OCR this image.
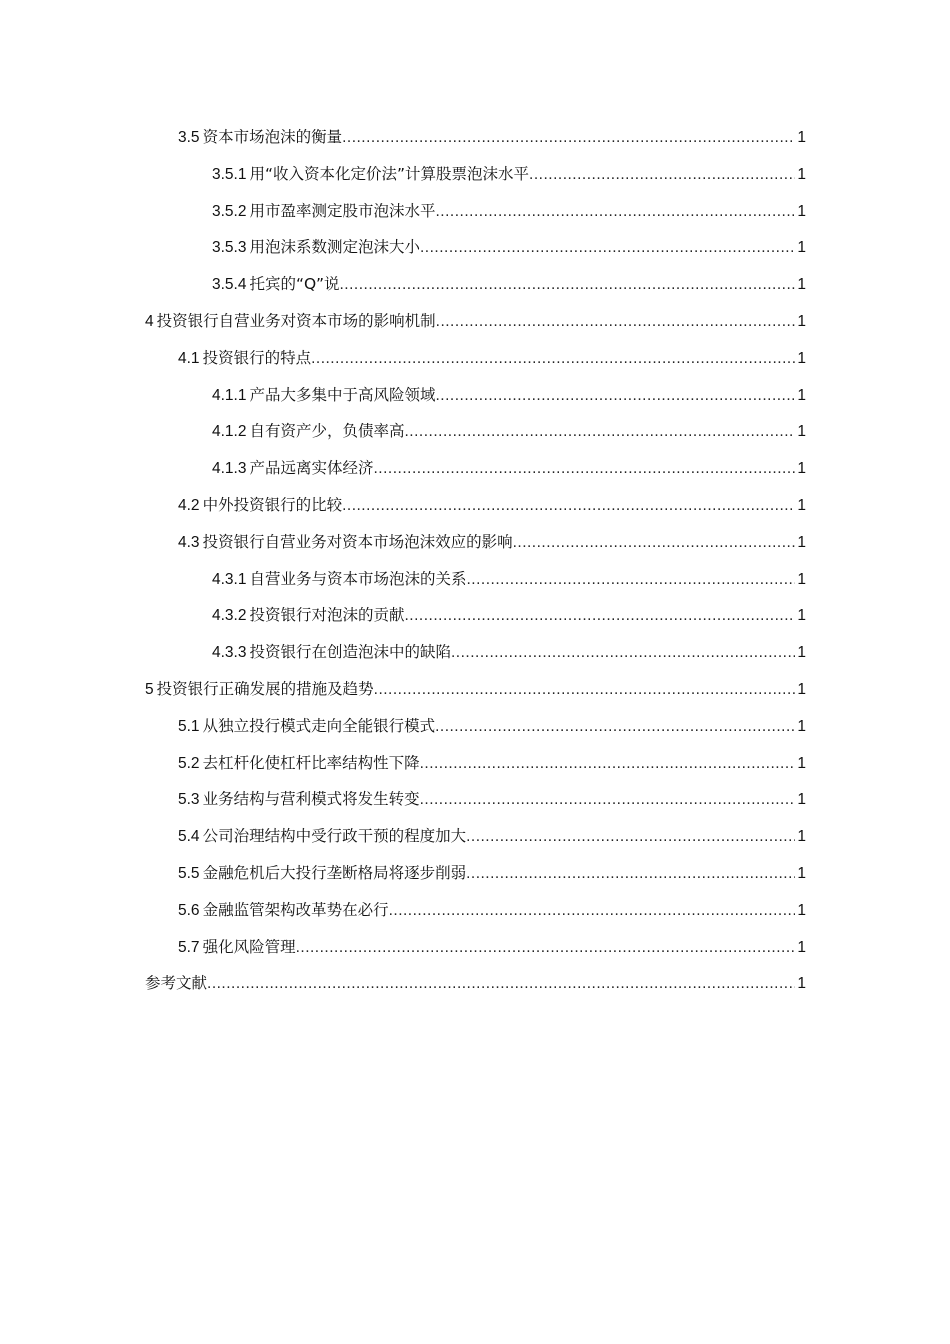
3.5 资本市场泡沫的衡量 .....	1
3.5.1 用“收入资本化定价法”计算股票泡沫水平 .....	1
3.5.2 用市盈率测定股市泡沫水平 .....	1
3.5.3 用泡沫系数测定泡沫大小 .....	1
3.5.4 托宾的“Q”说 .....	1
4 投资银行自营业务对资本市场的影响机制 .....	1
4.1 投资银行的特点 .....	1
4.1.1 产品大多集中于高风险领域 .....	1
4.1.2 自有资产少，负债率高 .....	1
4.1.3 产品远离实体经济 .....	1
4.2 中外投资银行的比较 .....	1
4.3 投资银行自营业务对资本市场泡沫效应的影响 .....	1
4.3.1 自营业务与资本市场泡沫的关系 .....	1
4.3.2 投资银行对泡沫的贡献 .....	1
4.3.3 投资银行在创造泡沫中的缺陷 .....	1
5 投资银行正确发展的措施及趋势 .....	1
5.1 从独立投行模式走向全能银行模式 .....	1
5.2 去杠杆化使杠杆比率结构性下降 .....	1
5.3 业务结构与营利模式将发生转变 .....	1
5.4 公司治理结构中受行政干预的程度加大 .....	1
5.5 金融危机后大投行垄断格局将逐步削弱 .....	1
5.6 金融监管架构改革势在必行 .....	1
5.7 强化风险管理 .....	1
参考文献 .....	1
